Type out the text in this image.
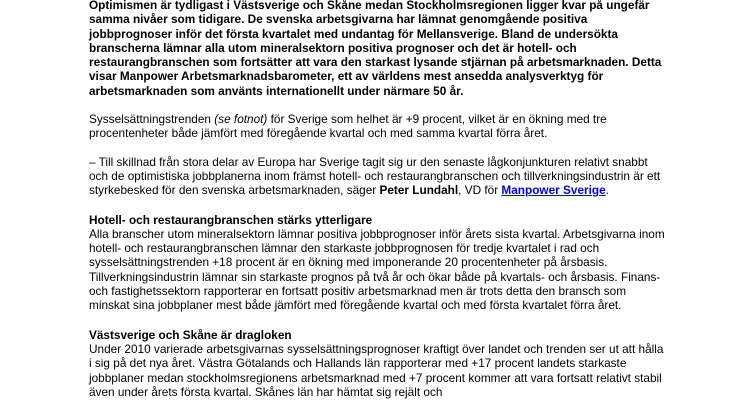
Optimismen är tydligast i Västsverige och Skåne medan Stockholmsregionen ligger kvar på ungefär samma nivåer som tidigare. De svenska arbetsgivarna har lämnat genomgående positiva jobbprognoser inför det första kvartalet med undantag för Mellansverige. Bland de undersökta branscherna lämnar alla utom mineralsektorn positiva prognoser och det är hotell- och restaurangbranschen som fortsätter att vara den starkast lysande stjärnan på arbetsmarknaden. Detta visar Manpower Arbetsmarknadsbarometer, ett av världens mest ansedda analysverktyg för arbetsmarknaden som använts internationellt under närmare 50 år.

Sysselsättningstrenden (se fotnot) för Sverige som helhet är +9 procent, vilket är en ökning med tre procentenheter både jämfört med föregående kvartal och med samma kvartal förra året.

– Till skillnad från stora delar av Europa har Sverige tagit sig ur den senaste lågkonjunkturen relativt snabbt och de optimistiska jobbplanerna inom främst hotell- och restaurangbranschen och tillverkningsindustrin är ett styrkebesked för den svenska arbetsmarknaden, säger Peter Lundahl, VD för Manpower Sverige.

Hotell- och restaurangbranschen stärks ytterligare

Alla branscher utom mineralsektorn lämnar positiva jobbprognoser inför årets sista kvartal. Arbetsgivarna inom hotell- och restaurangbranschen lämnar den starkaste jobbprognosen för tredje kvartalet i rad och sysselsättningstrenden +18 procent är en ökning med imponerande 20 procentenheter på årsbasis. Tillverkningsindustrin lämnar sin starkaste prognos på två år och ökar både på kvartals- och årsbasis. Finans- och fastighetssektorn rapporterar en fortsatt positiv arbetsmarknad men är trots detta den bransch som minskat sina jobbplaner mest både jämfört med föregående kvartal och med första kvartalet förra året.

Västsverige och Skåne är dragloken

Under 2010 varierade arbetsgivarnas sysselsättningsprognoser kraftigt över landet och trenden ser ut att hålla i sig på det nya året. Västra Götalands och Hallands län rapporterar med +17 procent landets starkaste jobbplaner medan stockholmsregionens arbetsmarknad med +7 procent kommer att vara fortsatt relativt stabil även under årets första kvartal. Skånes län har hämtat sig rejält och
